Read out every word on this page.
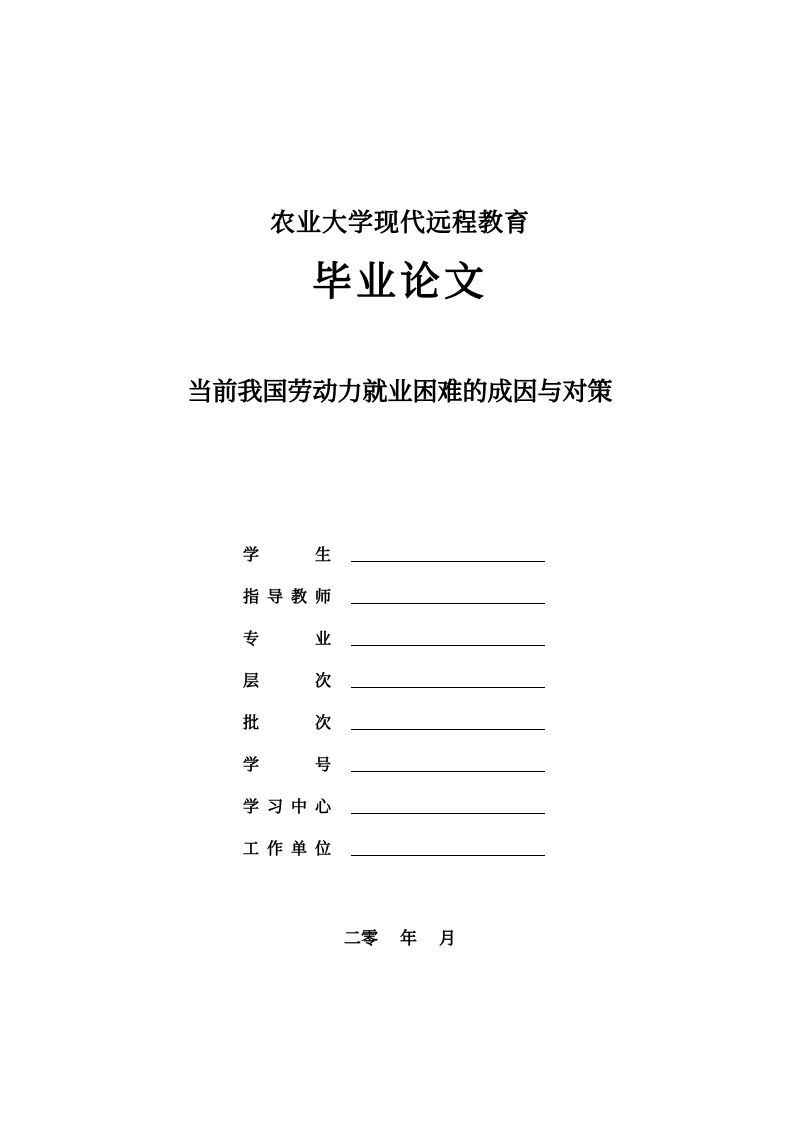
农业大学现代远程教育
毕业论文
当前我国劳动力就业困难的成因与对策
学　　生
指导教师
专　　业
层　　次
批　　次
学　　号
学习中心
工作单位
二零 年 月
